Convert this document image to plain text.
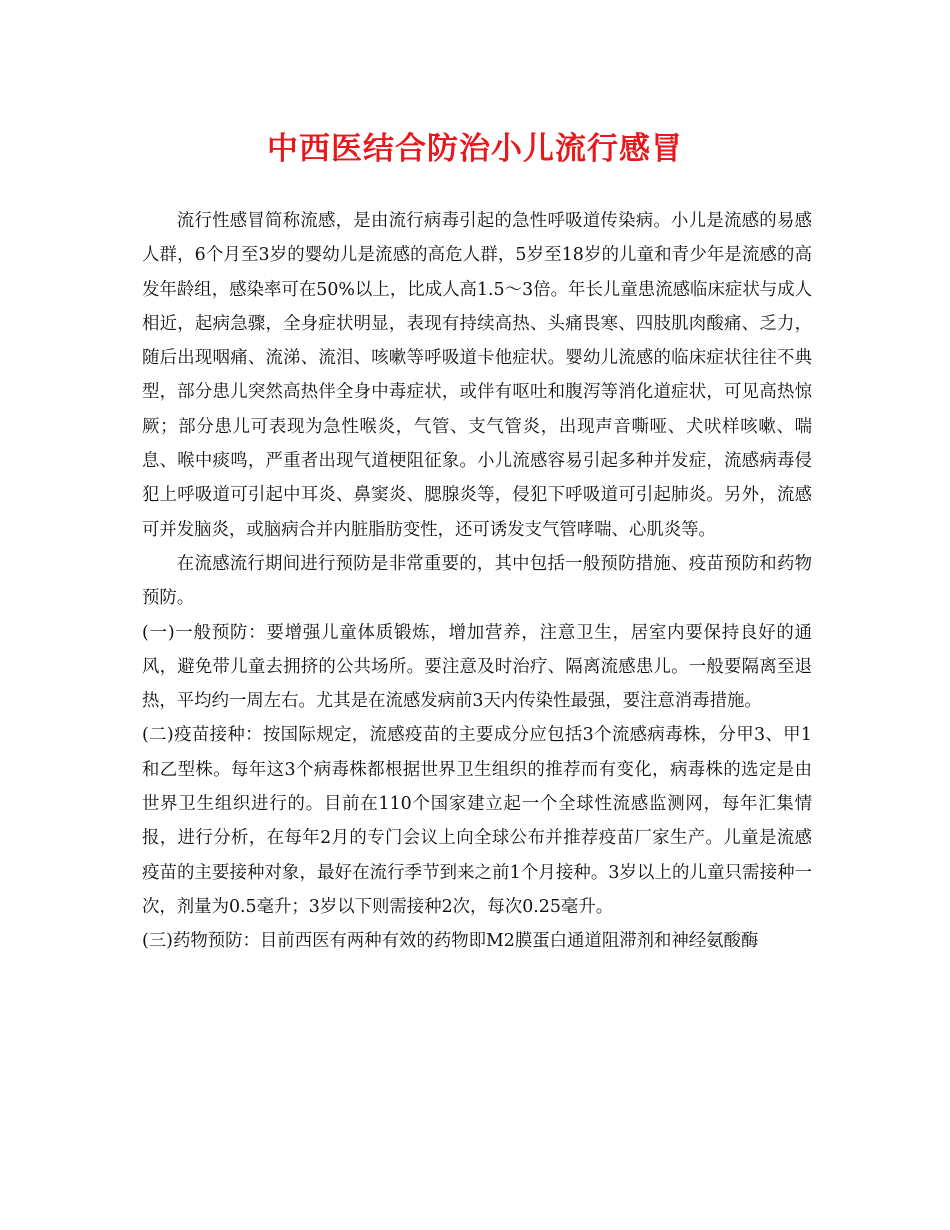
中西医结合防治小儿流行感冒

流行性感冒简称流感，是由流行病毒引起的急性呼吸道传染病。小儿是流感的易感人群，6个月至3岁的婴幼儿是流感的高危人群，5岁至18岁的儿童和青少年是流感的高发年龄组，感染率可在50%以上，比成人高1.5～3倍。年长儿童患流感临床症状与成人相近，起病急骤，全身症状明显，表现有持续高热、头痛畏寒、四肢肌肉酸痛、乏力，随后出现咽痛、流涕、流泪、咳嗽等呼吸道卡他症状。婴幼儿流感的临床症状往往不典型，部分患儿突然高热伴全身中毒症状，或伴有呕吐和腹泻等消化道症状，可见高热惊厥；部分患儿可表现为急性喉炎，气管、支气管炎，出现声音嘶哑、犬吠样咳嗽、喘息、喉中痰鸣，严重者出现气道梗阻征象。小儿流感容易引起多种并发症，流感病毒侵犯上呼吸道可引起中耳炎、鼻窦炎、腮腺炎等，侵犯下呼吸道可引起肺炎。另外，流感可并发脑炎，或脑病合并内脏脂肪变性，还可诱发支气管哮喘、心肌炎等。

在流感流行期间进行预防是非常重要的，其中包括一般预防措施、疫苗预防和药物预防。

(一)一般预防：要增强儿童体质锻炼，增加营养，注意卫生，居室内要保持良好的通风，避免带儿童去拥挤的公共场所。要注意及时治疗、隔离流感患儿。一般要隔离至退热，平均约一周左右。尤其是在流感发病前3天内传染性最强，要注意消毒措施。

(二)疫苗接种：按国际规定，流感疫苗的主要成分应包括3个流感病毒株，分甲3、甲1和乙型株。每年这3个病毒株都根据世界卫生组织的推荐而有变化，病毒株的选定是由世界卫生组织进行的。目前在110个国家建立起一个全球性流感监测网，每年汇集情报，进行分析，在每年2月的专门会议上向全球公布并推荐疫苗厂家生产。儿童是流感疫苗的主要接种对象，最好在流行季节到来之前1个月接种。3岁以上的儿童只需接种一次，剂量为0.5毫升；3岁以下则需接种2次，每次0.25毫升。

(三)药物预防：目前西医有两种有效的药物即M2膜蛋白通道阻滞剂和神经氨酸酶
